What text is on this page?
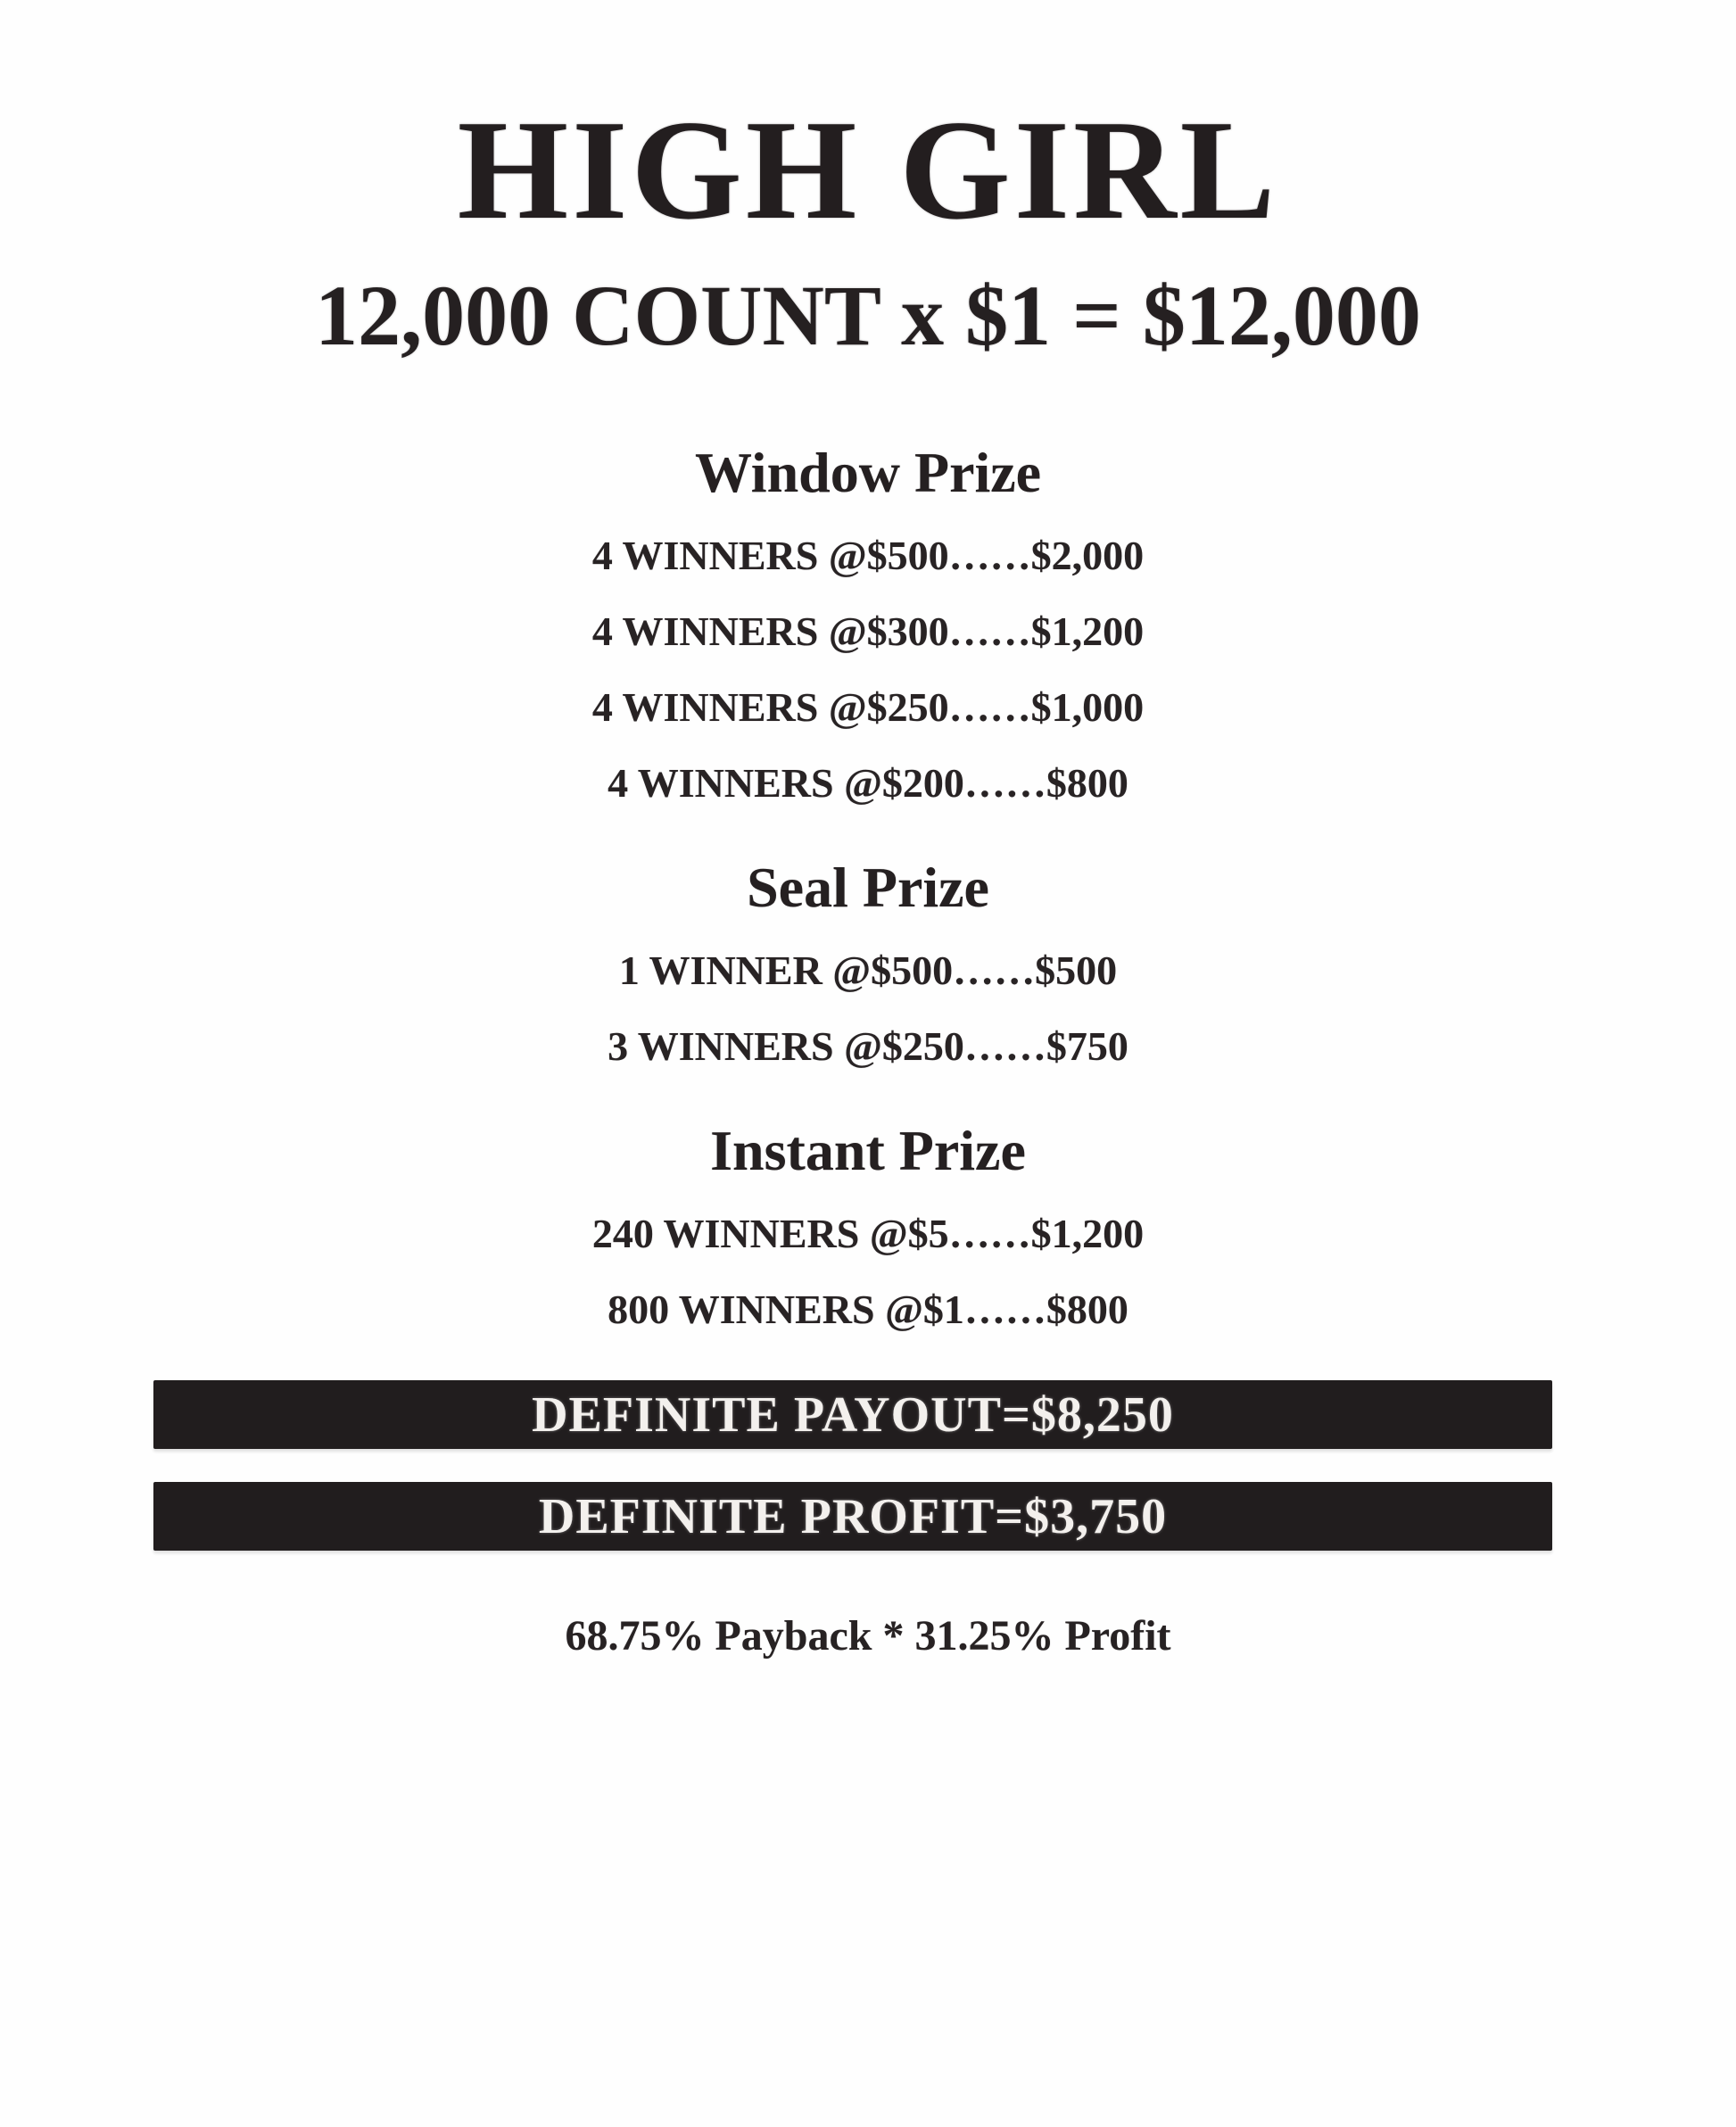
HIGH GIRL
12,000 COUNT x $1 = $12,000
Window Prize

4 WINNERS @$500……$2,000

4 WINNERS @$300……$1,200

4 WINNERS @$250……$1,000

4 WINNERS @$200……$800

Seal Prize

1 WINNER @$500……$500

3 WINNERS @$250……$750

Instant Prize

240 WINNERS @$5……$1,200

800 WINNERS @$1……$800

DEFINITE PAYOUT=$8,250
DEFINITE PROFIT=$3,750

68.75% Payback * 31.25% Profit
